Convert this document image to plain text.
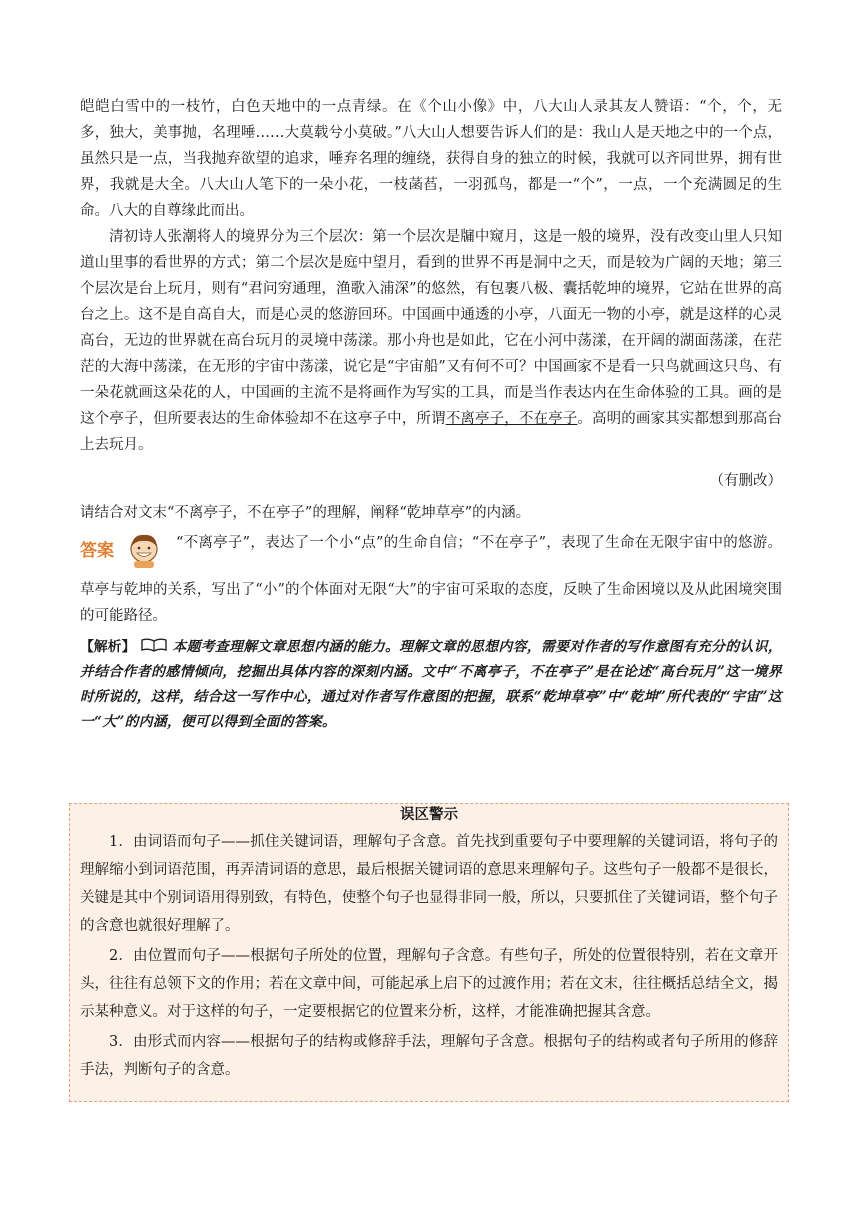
皑皑白雪中的一枝竹，白色天地中的一点青绿。在《个山小像》中，八大山人录其友人赞语：“个，个，无多，独大，美事抛，名理唾……大莫载兮小莫破。”八大山人想要告诉人们的是：我山人是天地之中的一个点，虽然只是一点，当我抛弃欲望的追求，唾弃名理的缠绕，获得自身的独立的时候，我就可以齐同世界，拥有世界，我就是大全。八大山人笔下的一朵小花，一枝菡萏，一羽孤鸟，都是一“个”，一点，一个充满圆足的生命。八大的自尊缘此而出。

清初诗人张潮将人的境界分为三个层次：第一个层次是牖中窥月，这是一般的境界，没有改变山里人只知道山里事的看世界的方式；第二个层次是庭中望月，看到的世界不再是洞中之天，而是较为广阔的天地；第三个层次是台上玩月，则有“君问穷通理，渔歌入浦深”的悠然，有包裹八极、囊括乾坤的境界，它站在世界的高台之上。这不是自高自大，而是心灵的悠游回环。中国画中通透的小亭，八面无一物的小亭，就是这样的心灵高台，无边的世界就在高台玩月的灵境中荡漾。那小舟也是如此，它在小河中荡漾，在开阔的湖面荡漾，在茫茫的大海中荡漾，在无形的宇宙中荡漾，说它是“宇宙船”又有何不可？中国画家不是看一只鸟就画这只鸟、有一朵花就画这朵花的人，中国画的主流不是将画作为写实的工具，而是当作表达内在生命体验的工具。画的是这个亭子，但所要表达的生命体验却不在这亭子中，所谓不离亭子，不在亭子。高明的画家其实都想到那高台上去玩月。

（有删改）

请结合对文末“不离亭子，不在亭子”的理解，阐释“乾坤草亭”的内涵。

答案	“不离亭子”，表达了一个小“点”的生命自信；“不在亭子”，表现了生命在无限宇宙中的悠游。草亭与乾坤的关系，写出了“小”的个体面对无限“大”的宇宙可采取的态度，反映了生命困境以及从此困境突围的可能路径。

【解析】	本题考查理解文章思想内涵的能力。理解文章的思想内容，需要对作者的写作意图有充分的认识，并结合作者的感情倾向，挖掘出具体内容的深刻内涵。文中“不离亭子，不在亭子”是在论述“高台玩月”这一境界时所说的，这样，结合这一写作中心，通过对作者写作意图的把握，联系“乾坤草亭”中“乾坤”所代表的“宇宙”这一“大”的内涵，便可以得到全面的答案。

误区警示

1．由词语而句子——抓住关键词语，理解句子含意。首先找到重要句子中要理解的关键词语，将句子的理解缩小到词语范围，再弄清词语的意思，最后根据关键词语的意思来理解句子。这些句子一般都不是很长，关键是其中个别词语用得别致，有特色，使整个句子也显得非同一般，所以，只要抓住了关键词语，整个句子的含意也就很好理解了。

2．由位置而句子——根据句子所处的位置，理解句子含意。有些句子，所处的位置很特别，若在文章开头，往往有总领下文的作用；若在文章中间，可能起承上启下的过渡作用；若在文末，往往概括总结全文，揭示某种意义。对于这样的句子，一定要根据它的位置来分析，这样，才能准确把握其含意。

3．由形式而内容——根据句子的结构或修辞手法，理解句子含意。根据句子的结构或者句子所用的修辞手法，判断句子的含意。
